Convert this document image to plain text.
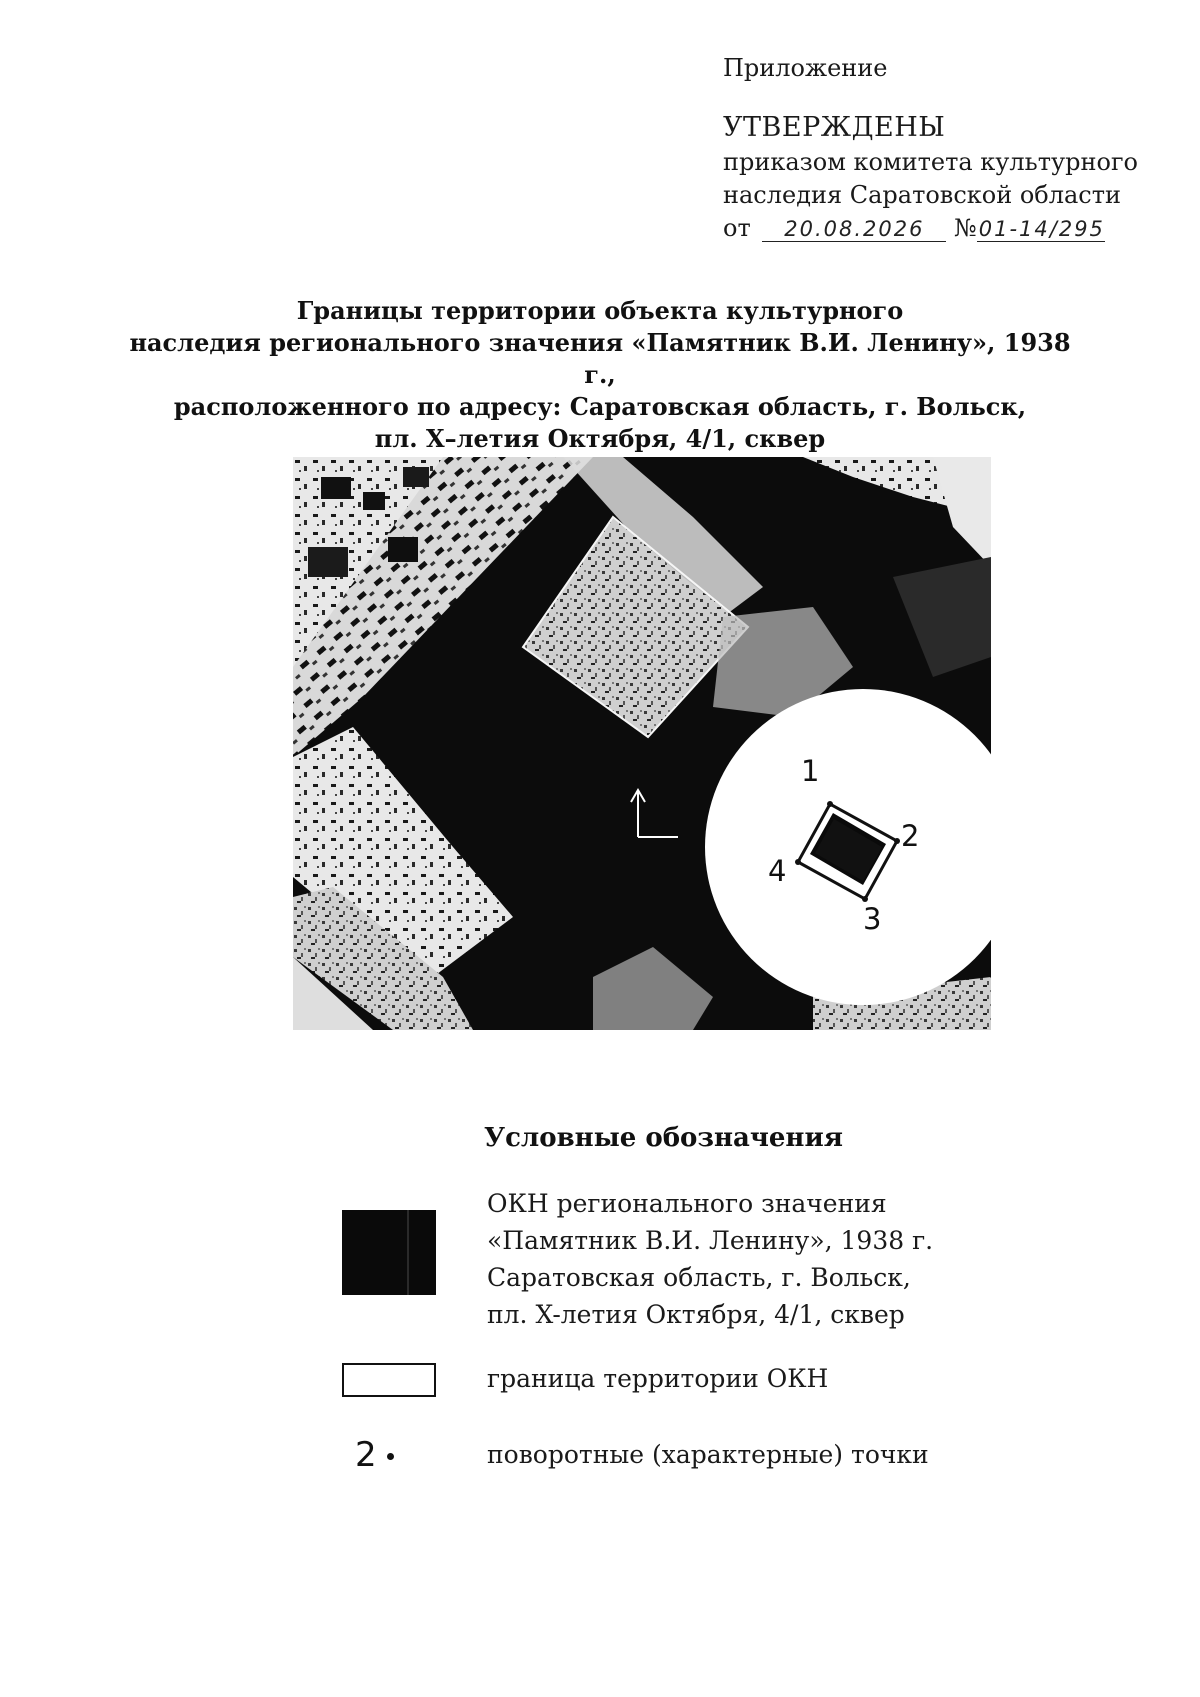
Приложение
УТВЕРЖДЕНЫ
приказом комитета культурного
наследия Саратовской области
от 20.08.2026 №01-14/295
Границы территории объекта культурного
наследия регионального значения «Памятник В.И. Ленину», 1938 г.,
расположенного по адресу: Саратовская область, г. Вольск,
пл. X–летия Октября, 4/1, сквер
1
2
3
4
Условные обозначения
ОКН регионального значения
«Памятник В.И. Ленину», 1938 г.
Саратовская область, г. Вольск,
пл. X-летия Октября, 4/1, сквер
граница территории ОКН
2	поворотные (характерные) точки
